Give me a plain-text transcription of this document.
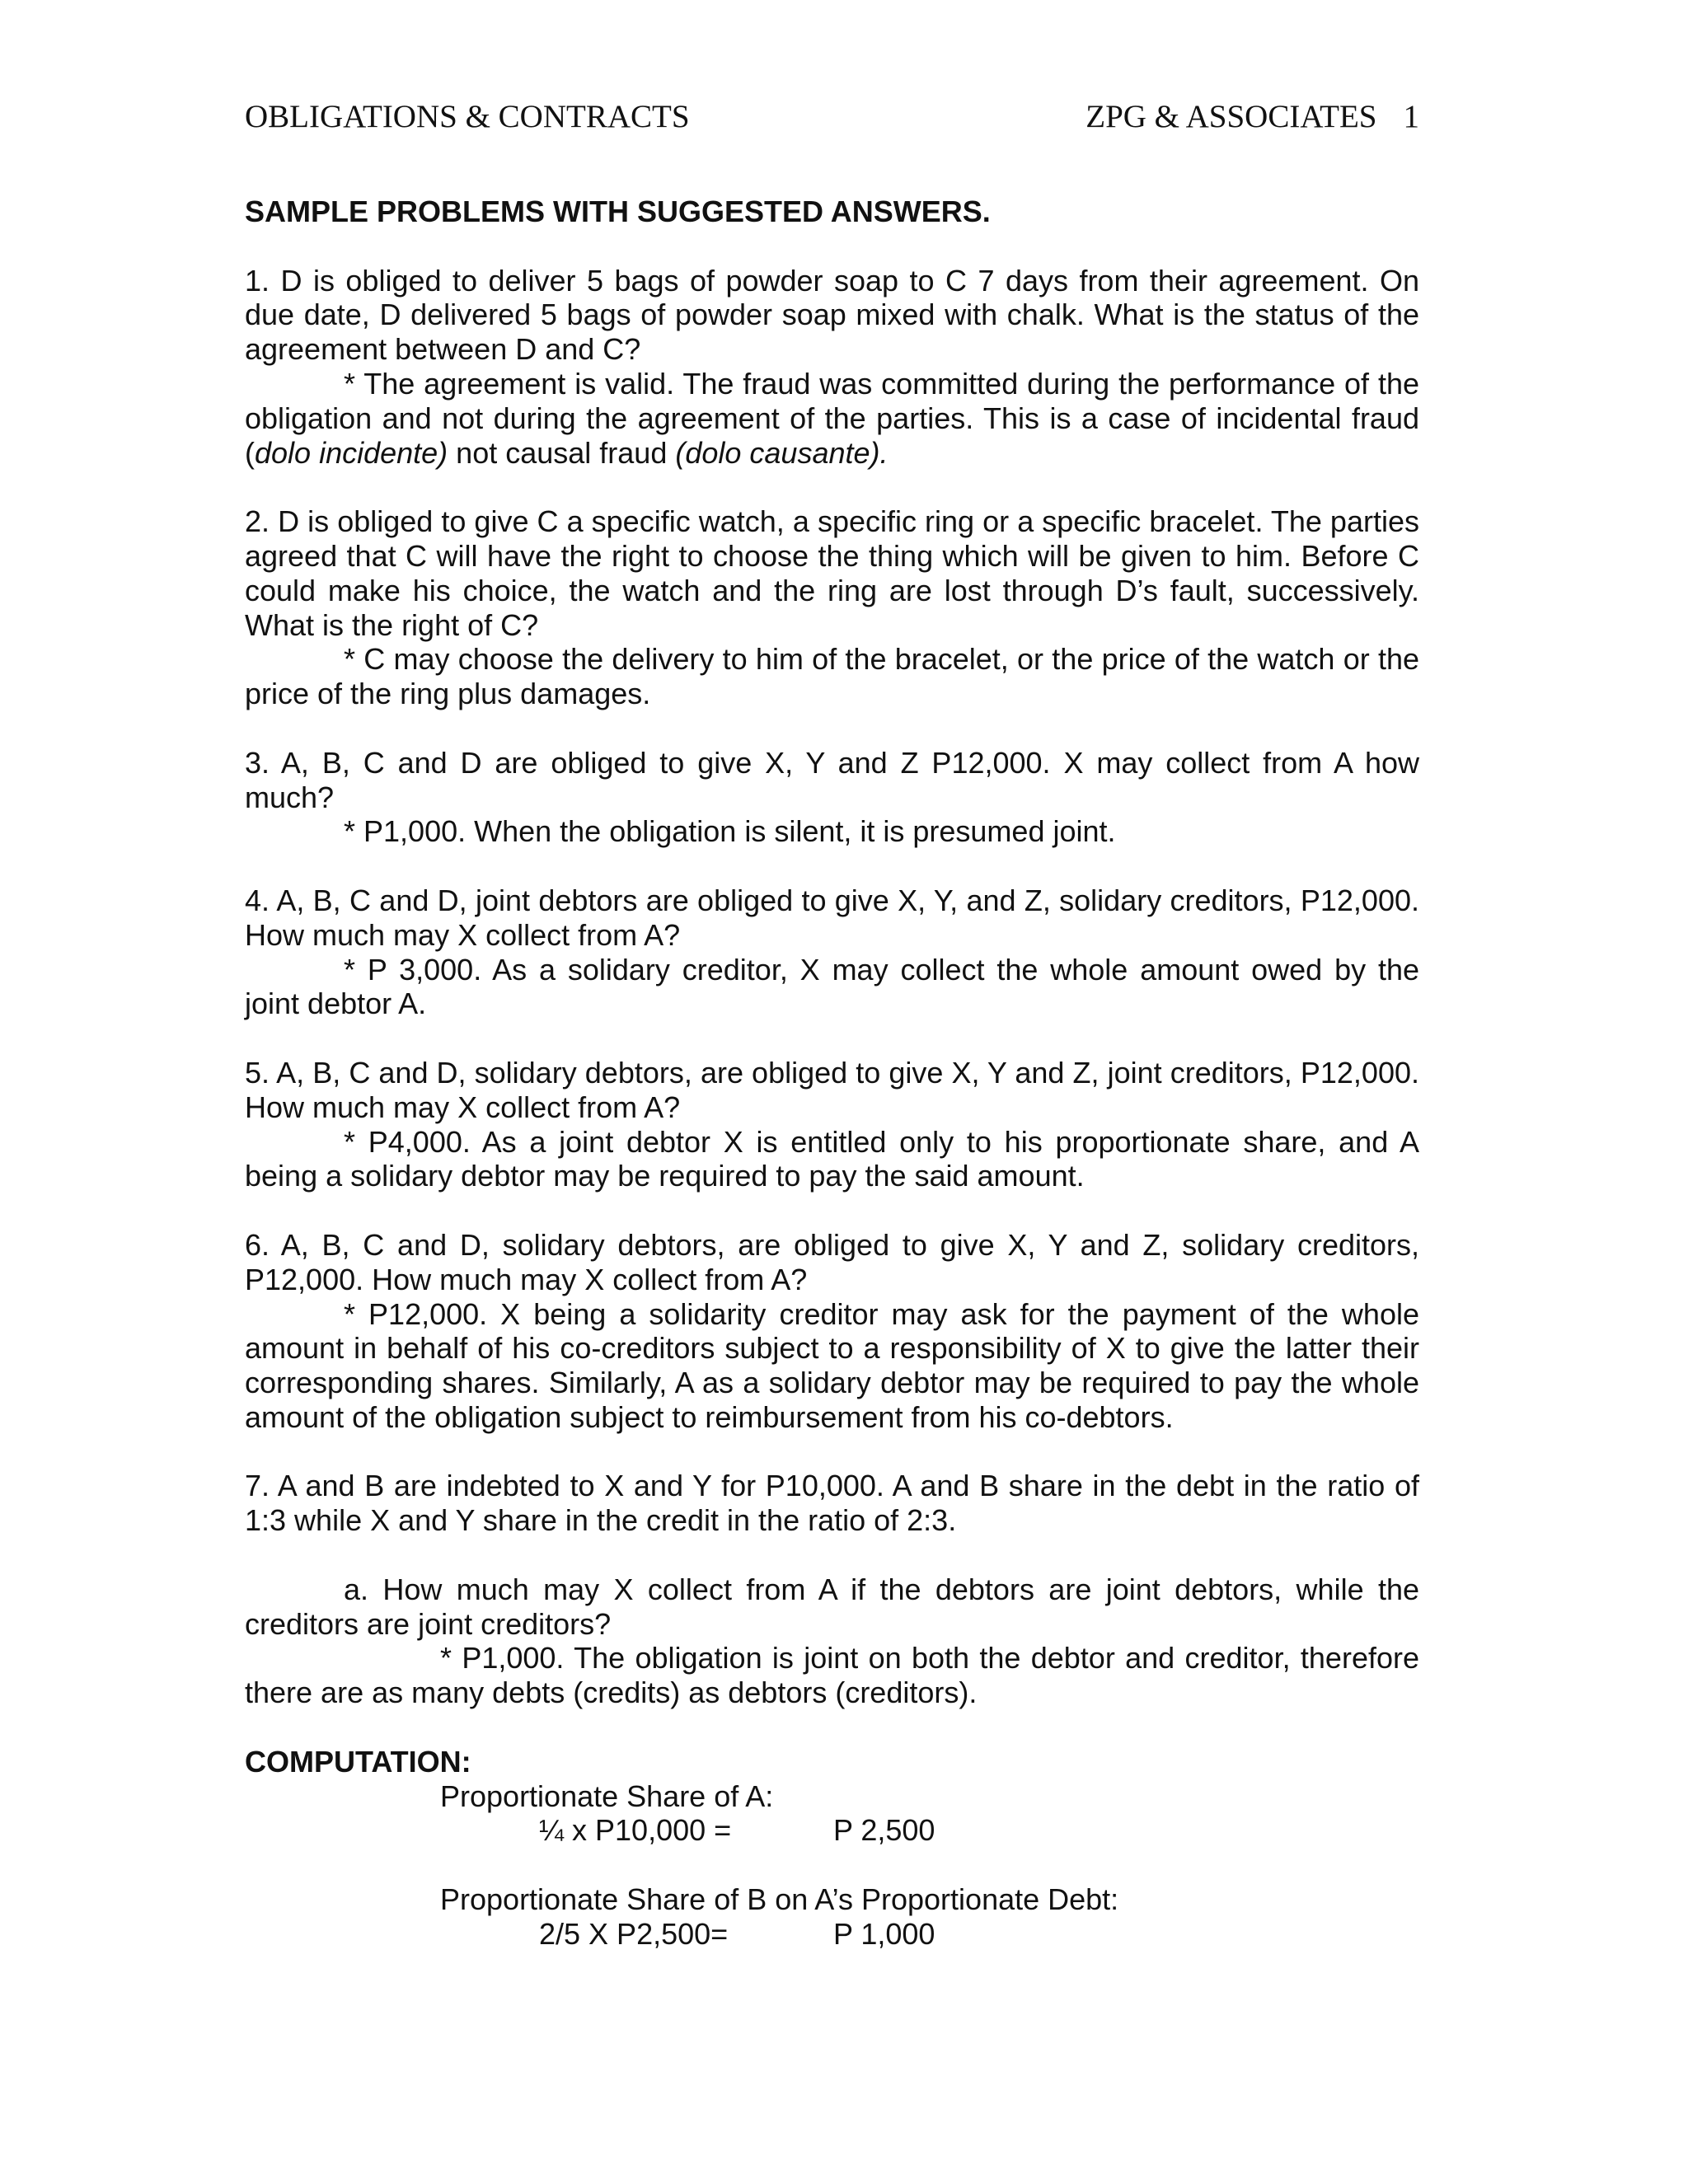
OBLIGATIONS & CONTRACTS	ZPG & ASSOCIATES 1

SAMPLE PROBLEMS WITH SUGGESTED ANSWERS.

1. D is obliged to deliver 5 bags of powder soap to C 7 days from their agreement. On due date, D delivered 5 bags of powder soap mixed with chalk. What is the status of the agreement between D and C?

* The agreement is valid. The fraud was committed during the performance of the obligation and not during the agreement of the parties. This is a case of incidental fraud (dolo incidente) not causal fraud (dolo causante).

2. D is obliged to give C a specific watch, a specific ring or a specific bracelet. The parties agreed that C will have the right to choose the thing which will be given to him. Before C could make his choice, the watch and the ring are lost through D’s fault, successively. What is the right of C?

* C may choose the delivery to him of the bracelet, or the price of the watch or the price of the ring plus damages.

3. A, B, C and D are obliged to give X, Y and Z P12,000. X may collect from A how much?

* P1,000. When the obligation is silent, it is presumed joint.

4. A, B, C and D, joint debtors are obliged to give X, Y, and Z, solidary creditors, P12,000. How much may X collect from A?

* P 3,000. As a solidary creditor, X may collect the whole amount owed by the joint debtor A.

5. A, B, C and D, solidary debtors, are obliged to give X, Y and Z, joint creditors, P12,000. How much may X collect from A?

* P4,000. As a joint debtor X is entitled only to his proportionate share, and A being a solidary debtor may be required to pay the said amount.

6. A, B, C and D, solidary debtors, are obliged to give X, Y and Z, solidary creditors, P12,000. How much may X collect from A?

* P12,000. X being a solidarity creditor may ask for the payment of the whole amount in behalf of his co-creditors subject to a responsibility of X to give the latter their corresponding shares. Similarly, A as a solidary debtor may be required to pay the whole amount of the obligation subject to reimbursement from his co-debtors.

7. A and B are indebted to X and Y for P10,000. A and B share in the debt in the ratio of 1:3 while X and Y share in the credit in the ratio of 2:3.

a. How much may X collect from A if the debtors are joint debtors, while the creditors are joint creditors?

* P1,000. The obligation is joint on both the debtor and creditor, therefore there are as many debts (credits) as debtors (creditors).

COMPUTATION:

Proportionate Share of A:
¼ x P10,000 =	P 2,500
Proportionate Share of B on A’s Proportionate Debt:
2/5 X P2,500=	P 1,000
